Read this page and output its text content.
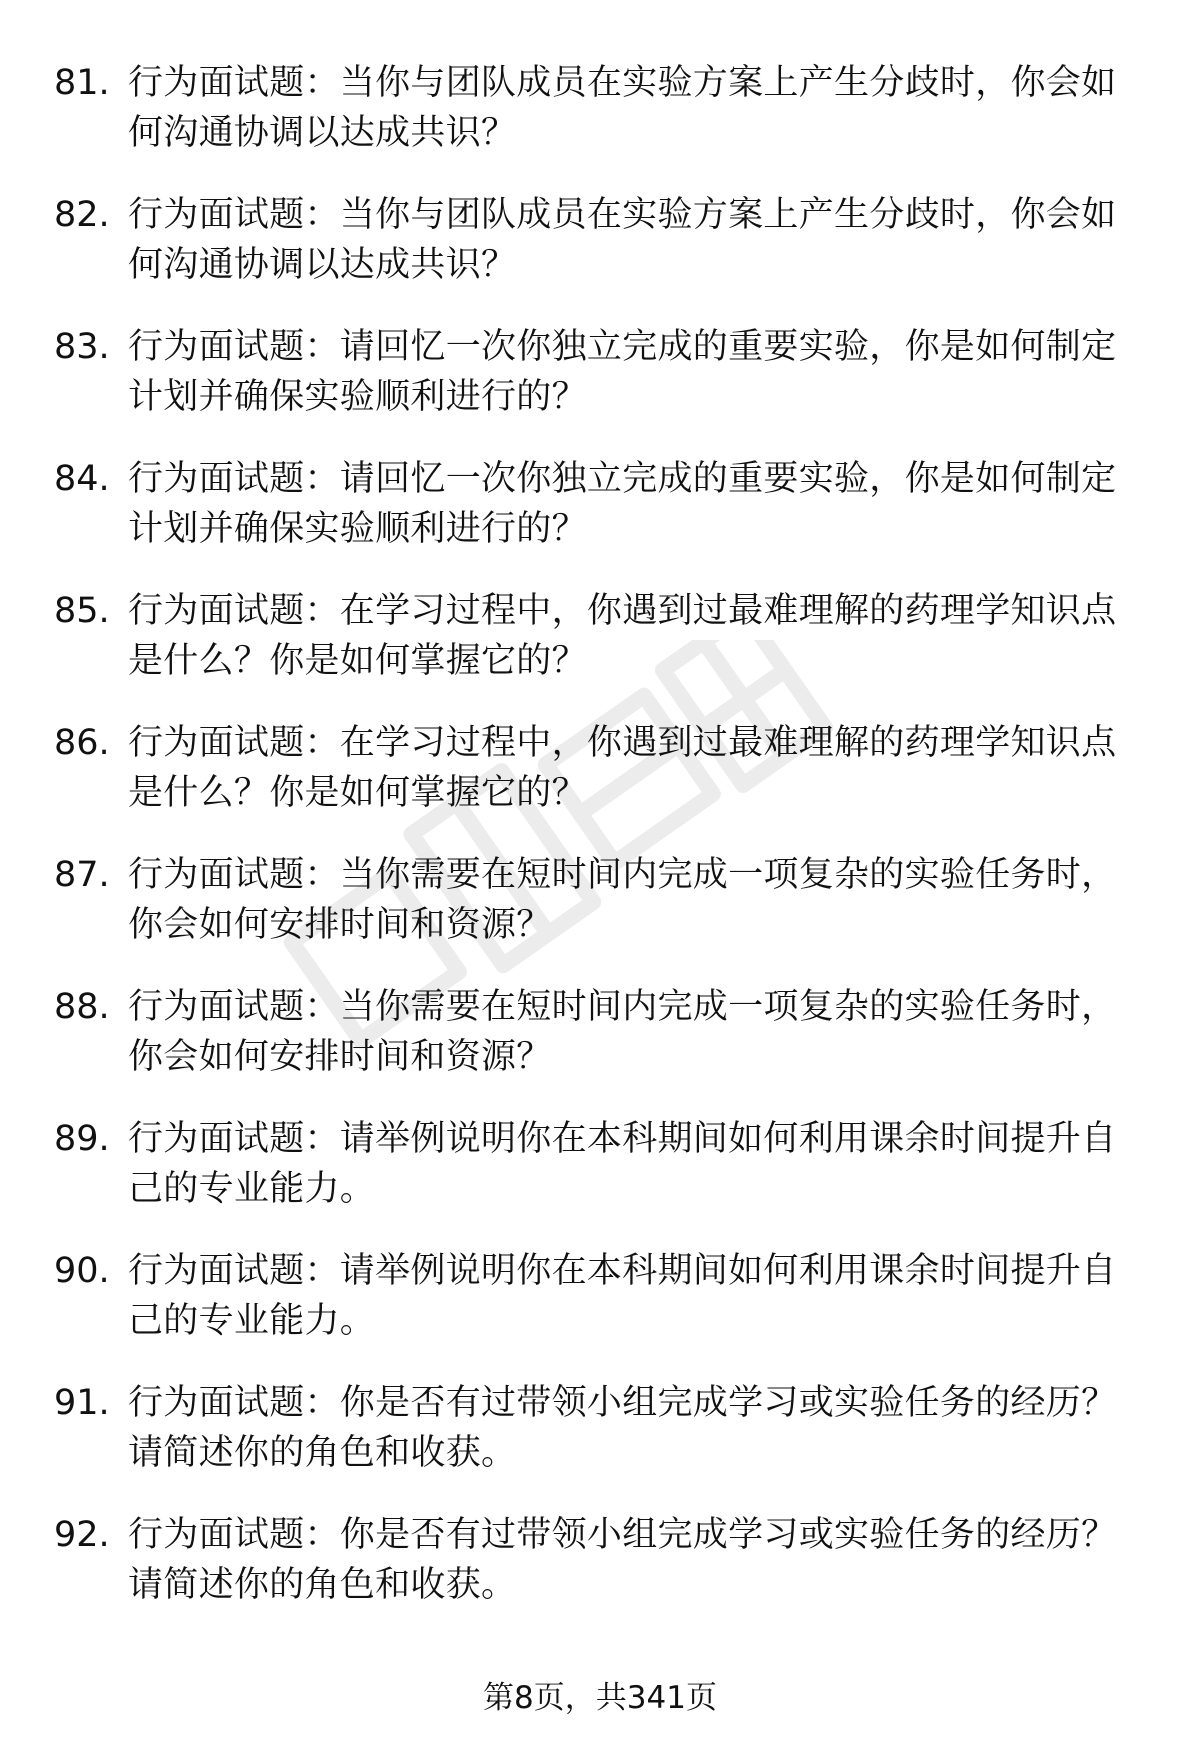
81. 行为面试题：当你与团队成员在实验方案上产生分歧时，你会如何沟通协调以达成共识？
82. 行为面试题：当你与团队成员在实验方案上产生分歧时，你会如何沟通协调以达成共识？
83. 行为面试题：请回忆一次你独立完成的重要实验，你是如何制定计划并确保实验顺利进行的？
84. 行为面试题：请回忆一次你独立完成的重要实验，你是如何制定计划并确保实验顺利进行的？
85. 行为面试题：在学习过程中，你遇到过最难理解的药理学知识点是什么？你是如何掌握它的？
86. 行为面试题：在学习过程中，你遇到过最难理解的药理学知识点是什么？你是如何掌握它的？
87. 行为面试题：当你需要在短时间内完成一项复杂的实验任务时，你会如何安排时间和资源？
88. 行为面试题：当你需要在短时间内完成一项复杂的实验任务时，你会如何安排时间和资源？
89. 行为面试题：请举例说明你在本科期间如何利用课余时间提升自己的专业能力。
90. 行为面试题：请举例说明你在本科期间如何利用课余时间提升自己的专业能力。
91. 行为面试题：你是否有过带领小组完成学习或实验任务的经历？请简述你的角色和收获。
92. 行为面试题：你是否有过带领小组完成学习或实验任务的经历？请简述你的角色和收获。
第8页，共341页
